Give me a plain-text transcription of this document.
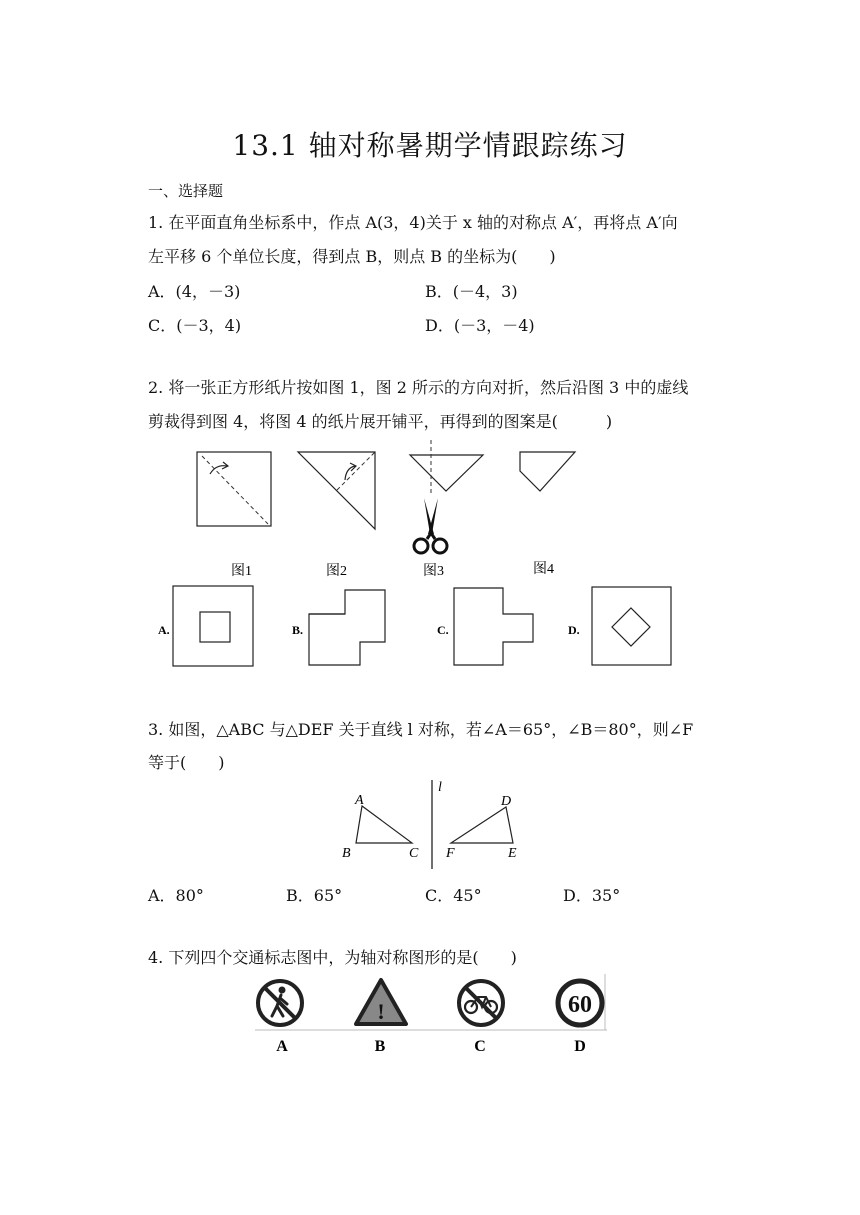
13.1 轴对称暑期学情跟踪练习
一、选择题
1. 在平面直角坐标系中，作点 A(3，4)关于 x 轴的对称点 A′，再将点 A′向
左平移 6 个单位长度，得到点 B，则点 B 的坐标为(　　)
A．(4，－3)	B．(－4，3)
C．(－3，4)	D．(－3，－4)
2. 将一张正方形纸片按如图 1，图 2 所示的方向对折，然后沿图 3 中的虚线
剪裁得到图 4，将图 4 的纸片展开铺平，再得到的图案是(　　　)
图1	图2	图3	图4
A.	B.	C.	D.
3. 如图，△ABC 与△DEF 关于直线 l 对称，若∠A＝65°，∠B＝80°，则∠F
等于(　　)
l
A
B	C
D
E
F
A．80°	B．65°	C．45°	D．35°
4. 下列四个交通标志图中，为轴对称图形的是(　　)
!	60
A	B	C	D
